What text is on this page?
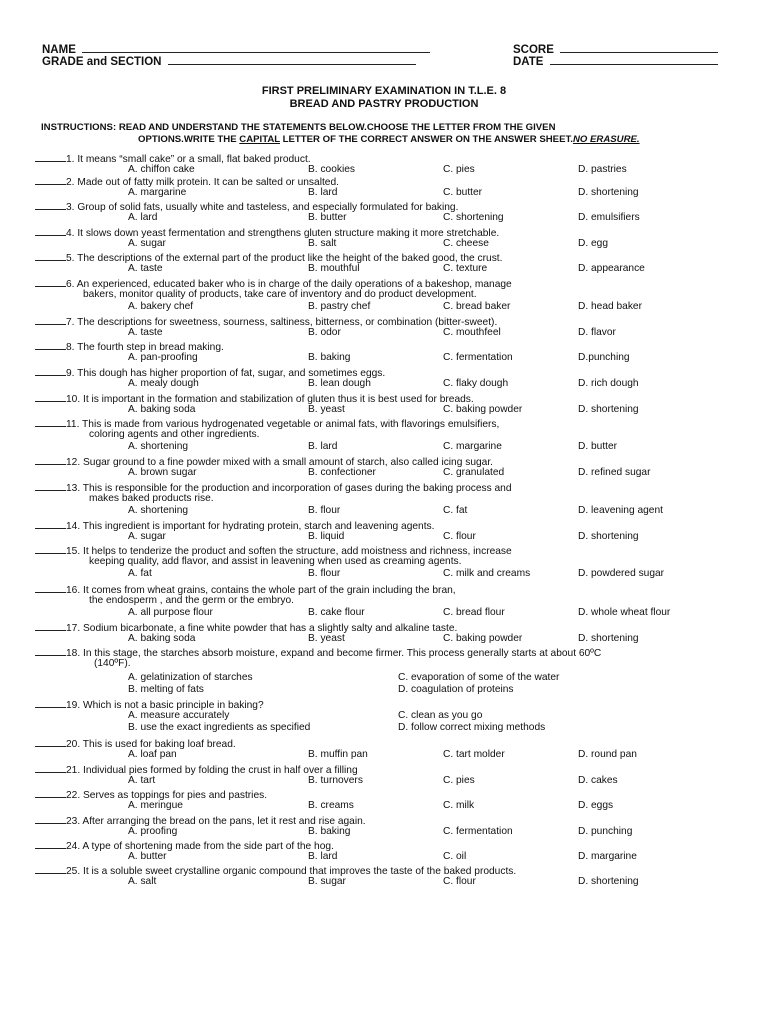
NAME	SCORE
GRADE and SECTION	DATE
FIRST PRELIMINARY EXAMINATION IN T.L.E. 8
BREAD AND PASTRY PRODUCTION
INSTRUCTIONS: READ AND UNDERSTAND THE STATEMENTS BELOW.CHOOSE THE LETTER FROM THE GIVEN
OPTIONS.WRITE THE CAPITAL LETTER OF THE CORRECT ANSWER ON THE ANSWER SHEET.NO ERASURE.
1. It means “small cake” or a small, flat baked product.
A. chiffon cake	B. cookies	C. pies	D. pastries
2. Made out of fatty milk protein. It can be salted or unsalted.
A. margarine	B. lard	C. butter	D. shortening
3. Group of solid fats, usually white and tasteless, and especially formulated for baking.
A. lard	B. butter	C. shortening	D. emulsifiers
4. It slows down yeast fermentation and strengthens gluten structure making it more stretchable.
A. sugar	B. salt	C. cheese	D. egg
5. The descriptions of the external part of the product like the height of the baked good, the crust.
A. taste	B. mouthful	C. texture	D. appearance
6. An experienced, educated baker who is in charge of the daily operations of a bakeshop, manage
bakers, monitor quality of products, take care of inventory and do product development.
A. bakery chef	B. pastry chef	C. bread baker	D. head baker
7. The descriptions for sweetness, sourness, saltiness, bitterness, or combination (bitter-sweet).
A. taste	B. odor	C. mouthfeel	D. flavor
8. The fourth step in bread making.
A. pan-proofing	B. baking	C. fermentation	D.punching
9. This dough has higher proportion of fat, sugar, and sometimes eggs.
A. mealy dough	B. lean dough	C. flaky dough	D. rich dough
10. It is important in the formation and stabilization of gluten thus it is best used for breads.
A. baking soda	B. yeast	C. baking powder	D. shortening
11. This is made from various hydrogenated vegetable or animal fats, with flavorings emulsifiers,
coloring agents and other ingredients.
A. shortening	B. lard	C. margarine	D. butter
12. Sugar ground to a fine powder mixed with a small amount of starch, also called icing sugar.
A. brown sugar	B. confectioner	C. granulated	D. refined sugar
13. This is responsible for the production and incorporation of gases during the baking process and
makes baked products rise.
A. shortening	B. flour	C. fat	D. leavening agent
14. This ingredient is important for hydrating protein, starch and leavening agents.
A. sugar	B. liquid	C. flour	D. shortening
15. It helps to tenderize the product and soften the structure, add moistness and richness, increase
keeping quality, add flavor, and assist in leavening when used as creaming agents.
A. fat	B. flour	C. milk and creams	D. powdered sugar
16. It comes from wheat grains, contains the whole part of the grain including the bran,
the endosperm , and the germ or the embryo.
A. all purpose flour	B. cake flour	C. bread flour	D. whole wheat flour
17. Sodium bicarbonate, a fine white powder that has a slightly salty and alkaline taste.
A. baking soda	B. yeast	C. baking powder	D. shortening
18. In this stage, the starches absorb moisture, expand and become firmer. This process generally starts at about 60ºC
(140ºF).
A. gelatinization of starches	C. evaporation of some of the water
B. melting of fats	D. coagulation of proteins
19. Which is not a basic principle in baking?
A. measure accurately	C. clean as you go
B. use the exact ingredients as specified	D. follow correct mixing methods
20. This is used for baking loaf bread.
A. loaf pan	B. muffin pan	C. tart molder	D. round pan
21. Individual pies formed by folding the crust in half over a filling
A. tart	B. turnovers	C. pies	D. cakes
22. Serves as toppings for pies and pastries.
A. meringue	B. creams	C. milk	D. eggs
23. After arranging the bread on the pans, let it rest and rise again.
A. proofing	B. baking	C. fermentation	D. punching
24. A type of shortening made from the side part of the hog.
A. butter	B. lard	C. oil	D. margarine
25. It is a soluble sweet crystalline organic compound that improves the taste of the baked products.
A. salt	B. sugar	C. flour	D. shortening
